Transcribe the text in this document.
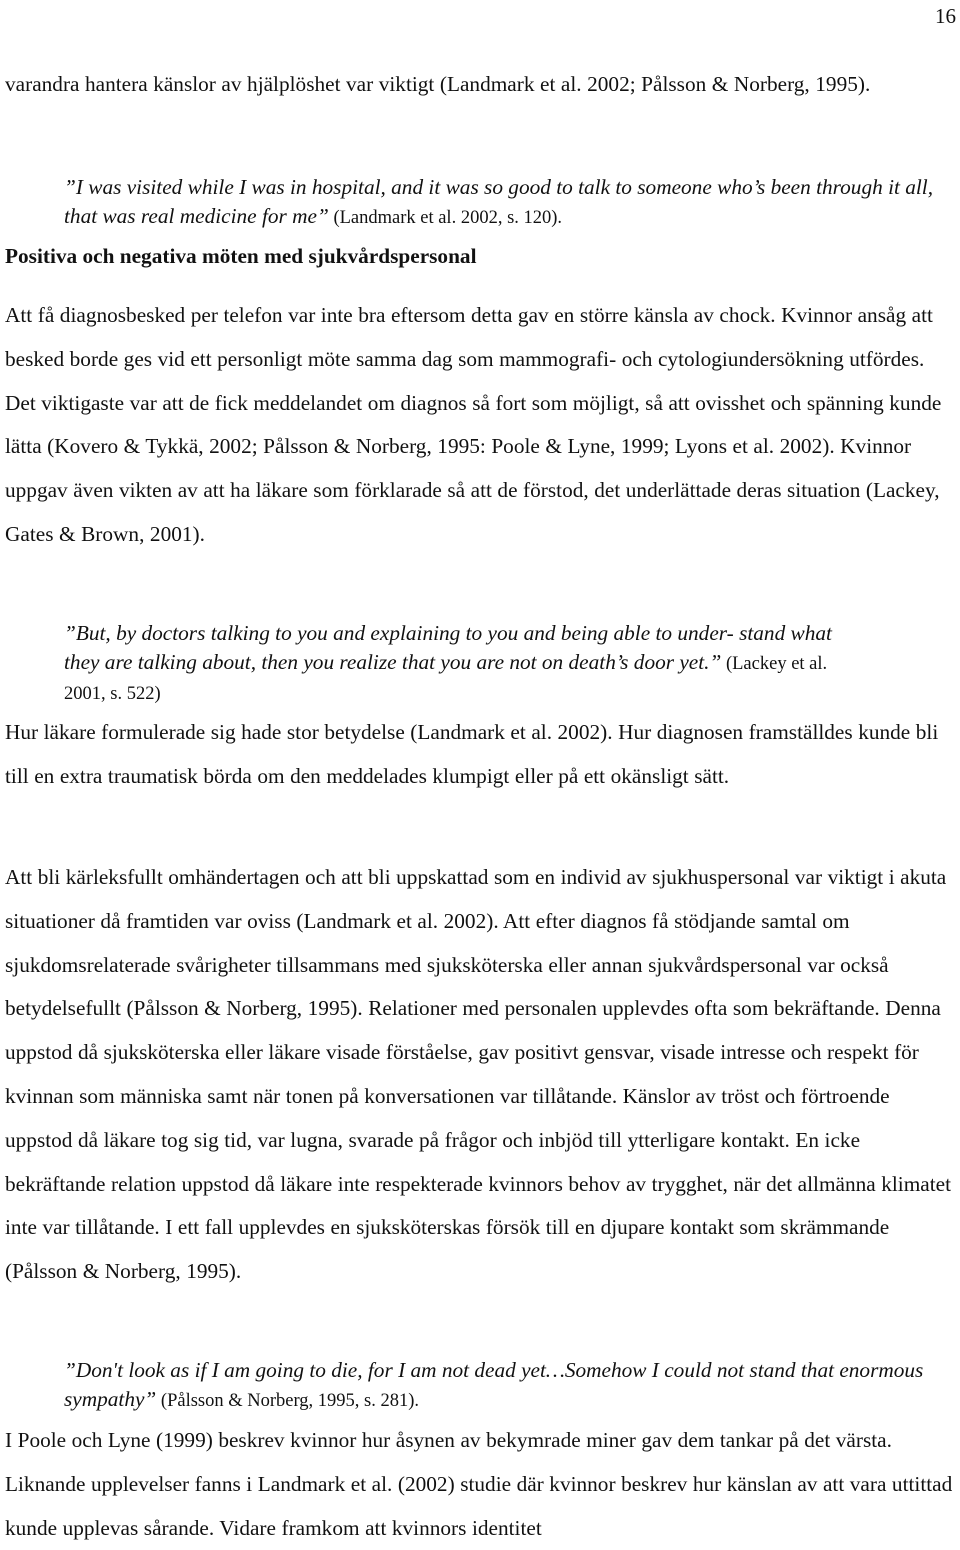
16

varandra hantera känslor av hjälplöshet var viktigt (Landmark et al. 2002; Pålsson & Norberg, 1995).

”I was visited while I was in hospital, and it was so good to talk to someone who’s been through it all, that was real medicine for me” (Landmark et al. 2002, s. 120).

Positiva och negativa möten med sjukvårdspersonal

Att få diagnosbesked per telefon var inte bra eftersom detta gav en större känsla av chock. Kvinnor ansåg att besked borde ges vid ett personligt möte samma dag som mammografi- och cytologiundersökning utfördes. Det viktigaste var att de fick meddelandet om diagnos så fort som möjligt, så att ovisshet och spänning kunde lätta (Kovero & Tykkä, 2002; Pålsson & Norberg, 1995: Poole & Lyne, 1999; Lyons et al. 2002). Kvinnor uppgav även vikten av att ha läkare som förklarade så att de förstod, det underlättade deras situation (Lackey, Gates & Brown, 2001).

”But, by doctors talking to you and explaining to you and being able to under- stand what they are talking about, then you realize that you are not on death’s door yet.” (Lackey et al. 2001, s. 522)

Hur läkare formulerade sig hade stor betydelse (Landmark et al. 2002). Hur diagnosen framställdes kunde bli till en extra traumatisk börda om den meddelades klumpigt eller på ett okänsligt sätt.

Att bli kärleksfullt omhändertagen och att bli uppskattad som en individ av sjukhuspersonal var viktigt i akuta situationer då framtiden var oviss (Landmark et al. 2002). Att efter diagnos få stödjande samtal om sjukdomsrelaterade svårigheter tillsammans med sjuksköterska eller annan sjukvårdspersonal var också betydelsefullt (Pålsson & Norberg, 1995). Relationer med personalen upplevdes ofta som bekräftande. Denna uppstod då sjuksköterska eller läkare visade förståelse, gav positivt gensvar, visade intresse och respekt för kvinnan som människa samt när tonen på konversationen var tillåtande. Känslor av tröst och förtroende uppstod då läkare tog sig tid, var lugna, svarade på frågor och inbjöd till ytterligare kontakt. En icke bekräftande relation uppstod då läkare inte respekterade kvinnors behov av trygghet, när det allmänna klimatet inte var tillåtande. I ett fall upplevdes en sjuksköterskas försök till en djupare kontakt som skrämmande (Pålsson & Norberg, 1995).

”Don't look as if I am going to die, for I am not dead yet…Somehow I could not stand that enormous sympathy” (Pålsson & Norberg, 1995, s. 281).

I Poole och Lyne (1999) beskrev kvinnor hur åsynen av bekymrade miner gav dem tankar på det värsta. Liknande upplevelser fanns i Landmark et al. (2002) studie där kvinnor beskrev hur känslan av att vara uttittad kunde upplevas sårande. Vidare framkom att kvinnors identitet
